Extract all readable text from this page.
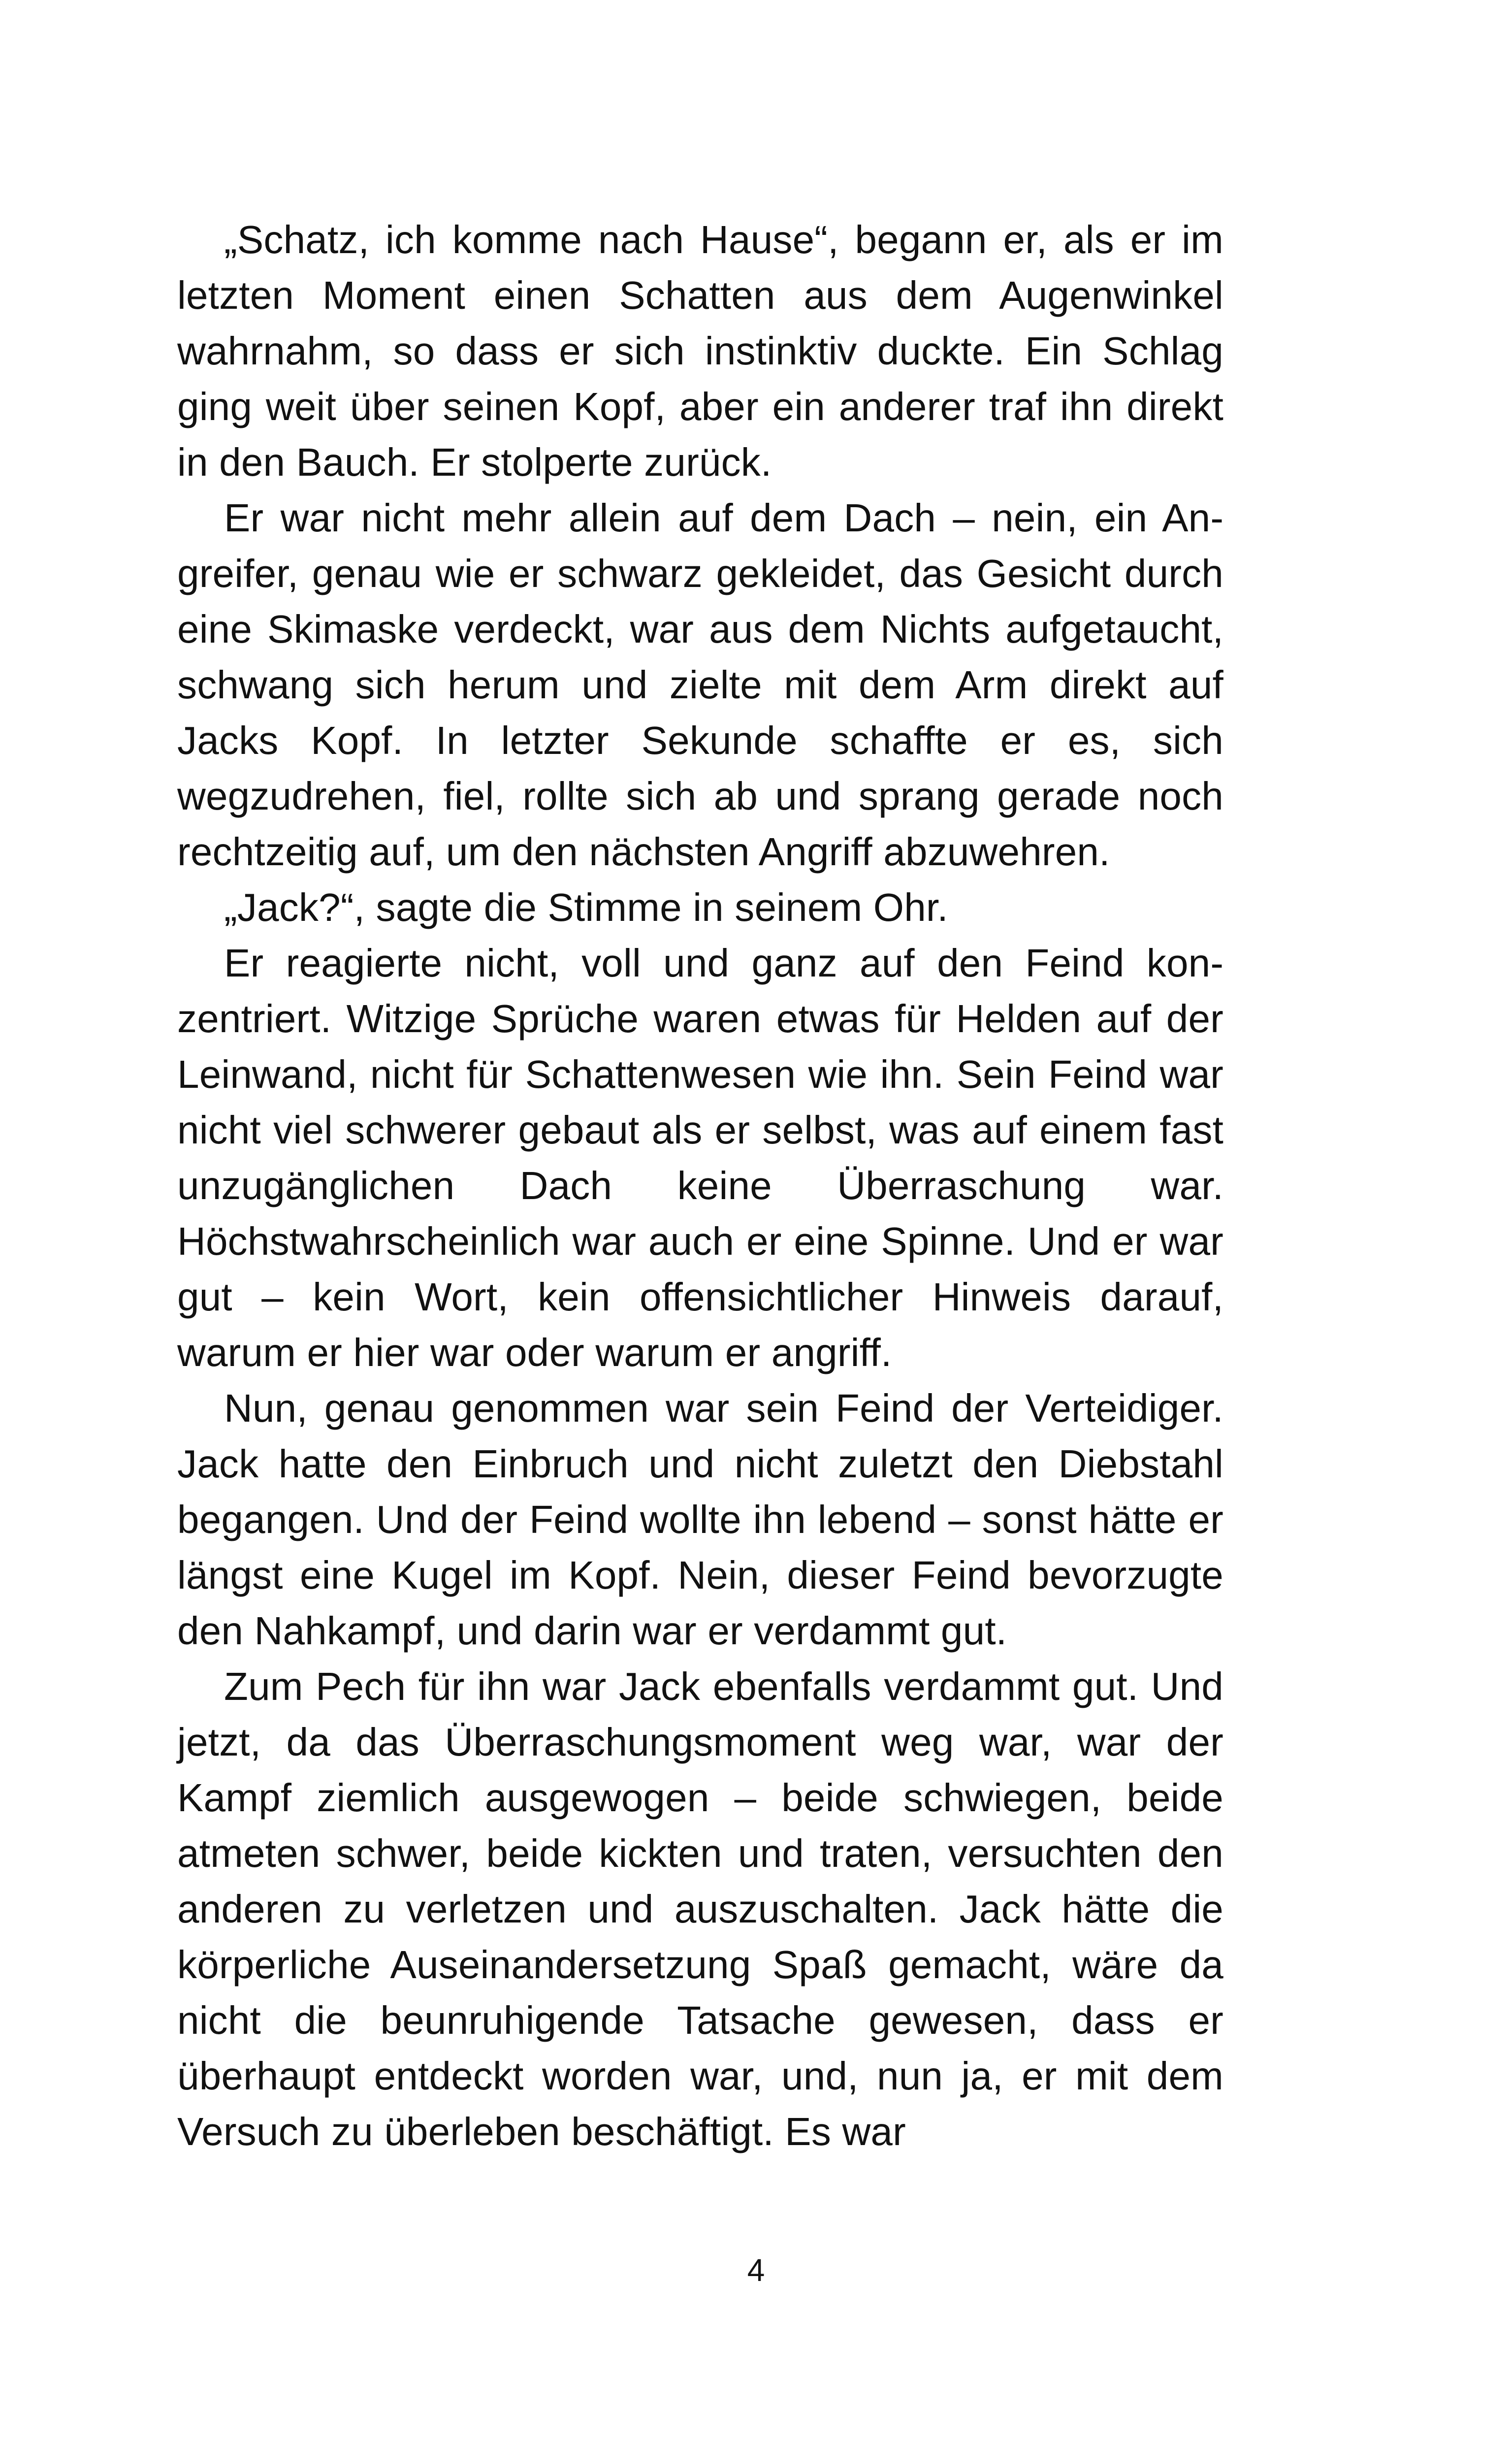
„Schatz, ich komme nach Hause“, begann er, als er im letzten Moment einen Schatten aus dem Augenwinkel wahrnahm, so dass er sich instinktiv duckte. Ein Schlag ging weit über seinen Kopf, aber ein anderer traf ihn direkt in den Bauch. Er stolperte zurück.

Er war nicht mehr allein auf dem Dach – nein, ein Angreifer, genau wie er schwarz gekleidet, das Gesicht durch eine Skimaske verdeckt, war aus dem Nichts aufgetaucht, schwang sich herum und zielte mit dem Arm direkt auf Jacks Kopf. In letzter Sekunde schaffte er es, sich wegzudrehen, fiel, rollte sich ab und sprang gerade noch rechtzeitig auf, um den nächsten Angriff abzuwehren.

„Jack?“, sagte die Stimme in seinem Ohr.

Er reagierte nicht, voll und ganz auf den Feind konzentriert. Witzige Sprüche waren etwas für Helden auf der Leinwand, nicht für Schattenwesen wie ihn. Sein Feind war nicht viel schwerer gebaut als er selbst, was auf einem fast unzugänglichen Dach keine Überraschung war. Höchstwahrscheinlich war auch er eine Spinne. Und er war gut – kein Wort, kein offensichtlicher Hinweis darauf, warum er hier war oder warum er angriff.

Nun, genau genommen war sein Feind der Verteidiger. Jack hatte den Einbruch und nicht zuletzt den Diebstahl begangen. Und der Feind wollte ihn lebend – sonst hätte er längst eine Kugel im Kopf. Nein, dieser Feind bevorzugte den Nahkampf, und darin war er verdammt gut.

Zum Pech für ihn war Jack ebenfalls verdammt gut. Und jetzt, da das Überraschungsmoment weg war, war der Kampf ziemlich ausgewogen – beide schwiegen, beide atmeten schwer, beide kickten und traten, versuchten den anderen zu verletzen und auszuschalten. Jack hätte die körperliche Auseinandersetzung Spaß gemacht, wäre da nicht die beunruhigende Tatsache gewesen, dass er überhaupt entdeckt worden war, und, nun ja, er mit dem Versuch zu überleben beschäftigt. Es war

4
